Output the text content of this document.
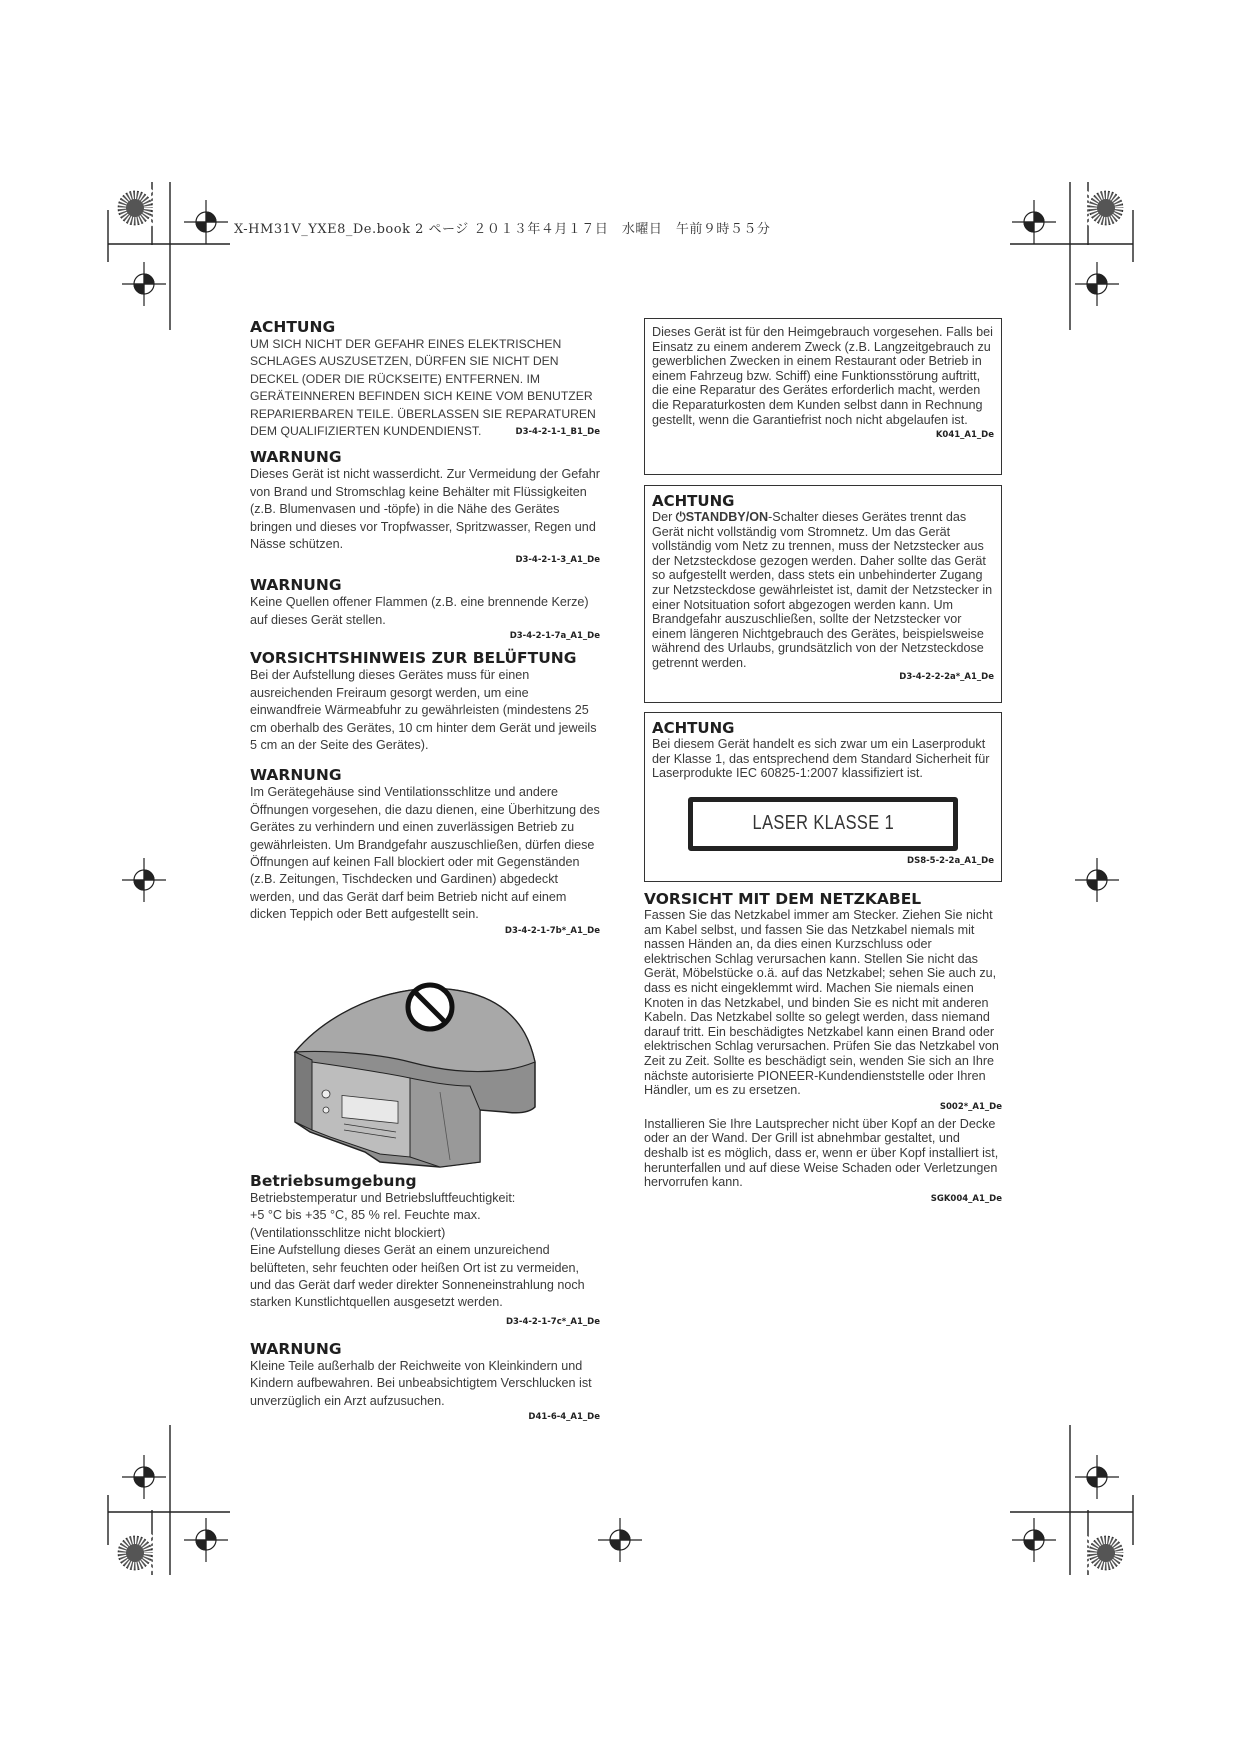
X-HM31V_YXE8_De.book 2 ページ ２０１３年４月１７日　水曜日　午前９時５５分
ACHTUNG

UM SICH NICHT DER GEFAHR EINES ELEKTRISCHEN SCHLAGES AUSZUSETZEN, DÜRFEN SIE NICHT DEN DECKEL (ODER DIE RÜCKSEITE) ENTFERNEN. IM GERÄTEINNEREN BEFINDEN SICH KEINE VOM BENUTZER REPARIERBAREN TEILE. ÜBERLASSEN SIE REPARATUREN DEM QUALIFIZIERTEN KUNDENDIENST.	D3-4-2-1-1_B1_De
WARNUNG

Dieses Gerät ist nicht wasserdicht. Zur Vermeidung der Gefahr von Brand und Stromschlag keine Behälter mit Flüssigkeiten (z.B. Blumenvasen und -töpfe) in die Nähe des Gerätes bringen und dieses vor Tropfwasser, Spritzwasser, Regen und Nässe schützen.

D3-4-2-1-3_A1_De
WARNUNG

Keine Quellen offener Flammen (z.B. eine brennende Kerze) auf dieses Gerät stellen.

D3-4-2-1-7a_A1_De
VORSICHTSHINWEIS ZUR BELÜFTUNG

Bei der Aufstellung dieses Gerätes muss für einen ausreichenden Freiraum gesorgt werden, um eine einwandfreie Wärmeabfuhr zu gewährleisten (mindestens 25 cm oberhalb des Gerätes, 10 cm hinter dem Gerät und jeweils 5 cm an der Seite des Gerätes).

WARNUNG

Im Gerätegehäuse sind Ventilationsschlitze und andere Öffnungen vorgesehen, die dazu dienen, eine Überhitzung des Gerätes zu verhindern und einen zuverlässigen Betrieb zu gewährleisten. Um Brandgefahr auszuschließen, dürfen diese Öffnungen auf keinen Fall blockiert oder mit Gegenständen (z.B. Zeitungen, Tischdecken und Gardinen) abgedeckt werden, und das Gerät darf beim Betrieb nicht auf einem dicken Teppich oder Bett aufgestellt sein.

D3-4-2-1-7b*_A1_De
Betriebsumgebung

Betriebstemperatur und Betriebsluftfeuchtigkeit:

+5 °C bis +35 °C, 85 % rel. Feuchte max.

(Ventilationsschlitze nicht blockiert)

Eine Aufstellung dieses Gerät an einem unzureichend belüfteten, sehr feuchten oder heißen Ort ist zu vermeiden, und das Gerät darf weder direkter Sonneneinstrahlung noch starken Kunstlichtquellen ausgesetzt werden.

D3-4-2-1-7c*_A1_De
WARNUNG

Kleine Teile außerhalb der Reichweite von Kleinkindern und Kindern aufbewahren. Bei unbeabsichtigtem Verschlucken ist unverzüglich ein Arzt aufzusuchen.

D41-6-4_A1_De

Dieses Gerät ist für den Heimgebrauch vorgesehen. Falls bei Einsatz zu einem anderem Zweck (z.B. Langzeitgebrauch zu gewerblichen Zwecken in einem Restaurant oder Betrieb in einem Fahrzeug bzw. Schiff) eine Funktionsstörung auftritt, die eine Reparatur des Gerätes erforderlich macht, werden die Reparaturkosten dem Kunden selbst dann in Rechnung gestellt, wenn die Garantiefrist noch nicht abgelaufen ist.

K041_A1_De
ACHTUNG

Der ⏻STANDBY/ON-Schalter dieses Gerätes trennt das Gerät nicht vollständig vom Stromnetz. Um das Gerät vollständig vom Netz zu trennen, muss der Netzstecker aus der Netzsteckdose gezogen werden. Daher sollte das Gerät so aufgestellt werden, dass stets ein unbehinderter Zugang zur Netzsteckdose gewährleistet ist, damit der Netzstecker in einer Notsituation sofort abgezogen werden kann. Um Brandgefahr auszuschließen, sollte der Netzstecker vor einem längeren Nichtgebrauch des Gerätes, beispielsweise während des Urlaubs, grundsätzlich von der Netzsteckdose getrennt werden.

D3-4-2-2-2a*_A1_De
ACHTUNG

Bei diesem Gerät handelt es sich zwar um ein Laserprodukt der Klasse 1, das entsprechend dem Standard Sicherheit für Laserprodukte IEC 60825-1:2007 klassifiziert ist.

LASER KLASSE 1
DS8-5-2-2a_A1_De
VORSICHT MIT DEM NETZKABEL

Fassen Sie das Netzkabel immer am Stecker. Ziehen Sie nicht am Kabel selbst, und fassen Sie das Netzkabel niemals mit nassen Händen an, da dies einen Kurzschluss oder elektrischen Schlag verursachen kann. Stellen Sie nicht das Gerät, Möbelstücke o.ä. auf das Netzkabel; sehen Sie auch zu, dass es nicht eingeklemmt wird. Machen Sie niemals einen Knoten in das Netzkabel, und binden Sie es nicht mit anderen Kabeln. Das Netzkabel sollte so gelegt werden, dass niemand darauf tritt. Ein beschädigtes Netzkabel kann einen Brand oder elektrischen Schlag verursachen. Prüfen Sie das Netzkabel von Zeit zu Zeit. Sollte es beschädigt sein, wenden Sie sich an Ihre nächste autorisierte PIONEER-Kundendienststelle oder Ihren Händler, um es zu ersetzen.

S002*_A1_De

Installieren Sie Ihre Lautsprecher nicht über Kopf an der Decke oder an der Wand. Der Grill ist abnehmbar gestaltet, und deshalb ist es möglich, dass er, wenn er über Kopf installiert ist, herunterfallen und auf diese Weise Schaden oder Verletzungen hervorrufen kann.

SGK004_A1_De
